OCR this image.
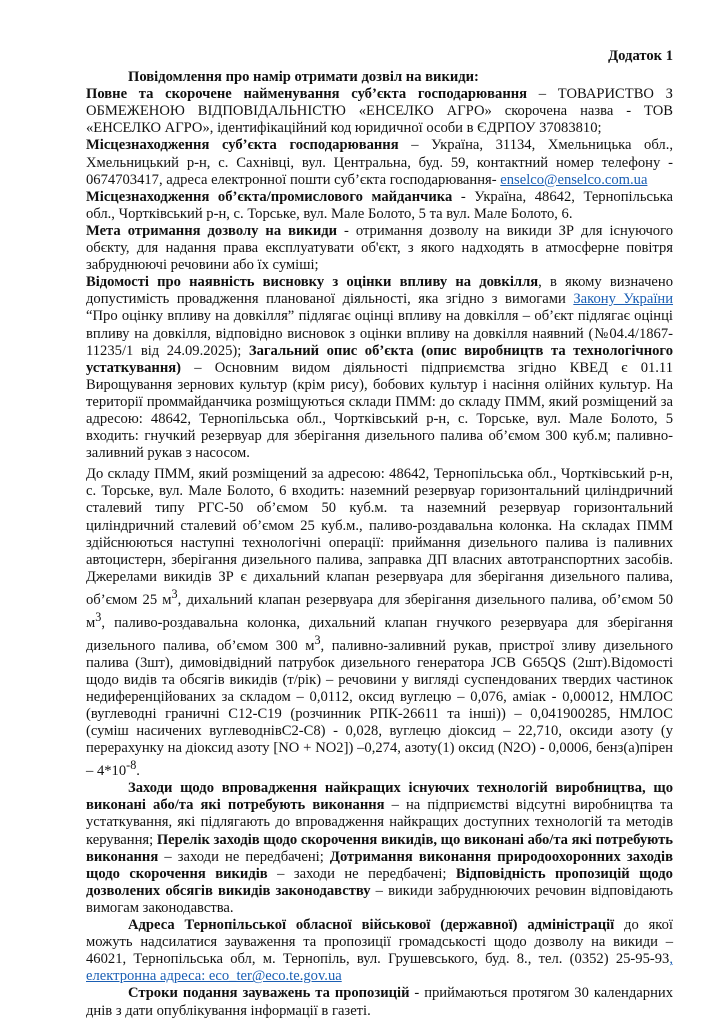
Додаток 1
Повідомлення про намір отримати дозвіл на викиди:

Повне та скорочене найменування суб’єкта господарювання – ТОВАРИСТВО З ОБМЕЖЕНОЮ ВІДПОВІДАЛЬНІСТЮ «ЕНСЕЛКО АГРО» скорочена назва - ТОВ «ЕНСЕЛКО АГРО», ідентифікаційний код юридичної особи в ЄДРПОУ 37083810;

Місцезнаходження суб’єкта господарювання – Україна, 31134, Хмельницька обл., Хмельницький р-н, с. Сахнівці, вул. Центральна, буд. 59, контактний номер телефону - 0674703417, адреса електронної пошти суб’єкта господарювання- enselco@enselco.com.ua

Місцезнаходження об’єкта/промислового майданчика - Україна, 48642, Тернопільська обл., Чортківський р-н, с. Торське, вул. Мале Болото, 5 та вул. Мале Болото, 6.

Мета отримання дозволу на викиди - отримання дозволу на викиди ЗР для існуючого обєкту, для надання права експлуатувати об'єкт, з якого надходять в атмосферне повітря забруднюючі речовини або їх суміші;

Відомості про наявність висновку з оцінки впливу на довкілля, в якому визначено допустимість провадження планованої діяльності, яка згідно з вимогами Закону України “Про оцінку впливу на довкілля” підлягає оцінці впливу на довкілля – об’єкт підлягає оцінці впливу на довкілля, відповідно висновок з оцінки впливу на довкілля наявний (№04.4/1867-11235/1 від 24.09.2025); Загальний опис об’єкта (опис виробництв та технологічного устаткування) – Основним видом діяльності підприємства згідно КВЕД є 01.11 Вирощування зернових культур (крім рису), бобових культур і насіння олійних культур. На території проммайданчика розміщуються склади ПММ: до складу ПММ, який розміщений за адресою: 48642, Тернопільська обл., Чортківський р-н, с. Торське, вул. Мале Болото, 5 входить: гнучкий резервуар для зберігання дизельного палива об’ємом 300 куб.м; паливно-заливний рукав з насосом.

До складу ПММ, який розміщений за адресою: 48642, Тернопільська обл., Чортківський р-н, с. Торське, вул. Мале Болото, 6 входить: наземний резервуар горизонтальний циліндричний сталевий типу РГС-50 об’ємом 50 куб.м. та наземний резервуар горизонтальний циліндричний сталевий об’ємом 25 куб.м., паливо-роздавальна колонка. На складах ПММ здійснюються наступні технологічні операції: приймання дизельного палива із паливних автоцистерн, зберігання дизельного палива, заправка ДП власних автотранспортних засобів. Джерелами викидів ЗР є дихальний клапан резервуара для зберігання дизельного палива, об’ємом 25 $м^3$, дихальний клапан резервуара для зберігання дизельного палива, об’ємом 50 $м^3$, паливо-роздавальна колонка, дихальний клапан гнучкого резервуара для зберігання дизельного палива, об’ємом 300 $м^3$, паливно-заливний рукав, пристрої зливу дизельного палива (3шт), димовідвідний патрубок дизельного генератора JCB G65QS (2шт).Відомості щодо видів та обсягів викидів (т/рік) – речовини у вигляді суспендованих твердих частинок недиференційованих за складом – 0,0112, оксид вуглецю – 0,076, аміак - 0,00012, НМЛОС (вуглеводні граничні С12-С19 (розчинник РПК-26611 та інші)) – 0,041900285, НМЛОС (суміш насичених вуглеводнівС2-С8) - 0,028, вуглецю діоксид – 22,710, оксиди азоту (у перерахунку на діоксид азоту [NO + NO2]) –0,274, азоту(1) оксид (N2O) - 0,0006, бенз(а)пірен – $4*10^{-8}$.

Заходи щодо впровадження найкращих існуючих технологій виробництва, що виконані або/та які потребують виконання – на підприємстві відсутні виробництва та устаткування, які підлягають до впровадження найкращих доступних технологій та методів керування; Перелік заходів щодо скорочення викидів, що виконані або/та які потребують виконання – заходи не передбачені; Дотримання виконання природоохоронних заходів щодо скорочення викидів – заходи не передбачені; Відповідність пропозицій щодо дозволених обсягів викидів законодавству – викиди забруднюючих речовин відповідають вимогам законодавства.

Адреса Тернопільської обласної військової (державної) адміністрації до якої можуть надсилатися зауваження та пропозиції громадськості щодо дозволу на викиди – 46021, Тернопільська обл, м. Тернопіль, вул. Грушевського, буд. 8., тел. (0352) 25-95-93, електронна адреса: eco_ter@eco.te.gov.ua

Строки подання зауважень та пропозицій - приймаються протягом 30 календарних днів з дати опублікування інформації в газеті.
